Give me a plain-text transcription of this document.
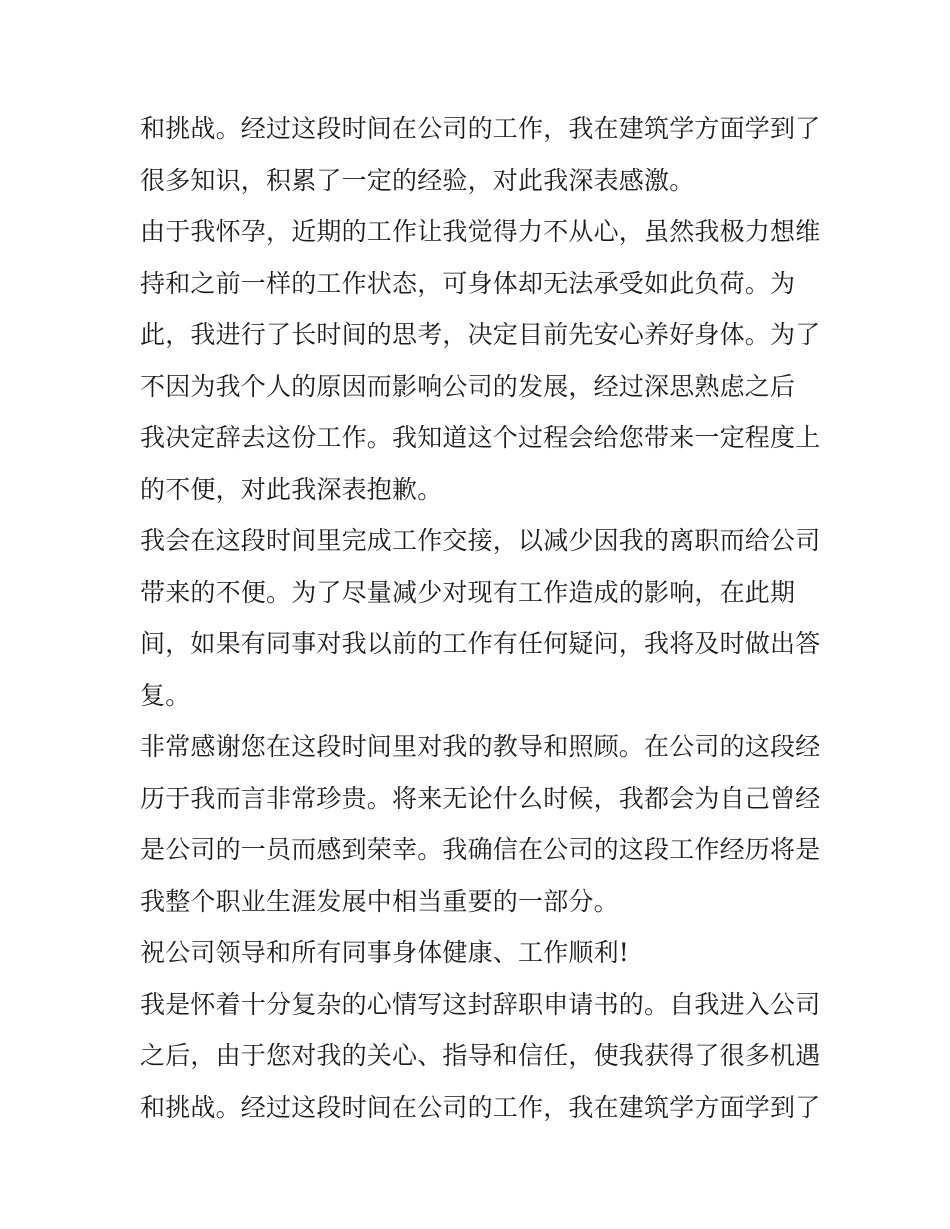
和挑战。经过这段时间在公司的工作，我在建筑学方面学到了
很多知识，积累了一定的经验，对此我深表感激。
由于我怀孕，近期的工作让我觉得力不从心，虽然我极力想维
持和之前一样的工作状态，可身体却无法承受如此负荷。为
此，我进行了长时间的思考，决定目前先安心养好身体。为了
不因为我个人的原因而影响公司的发展，经过深思熟虑之后
我决定辞去这份工作。我知道这个过程会给您带来一定程度上
的不便，对此我深表抱歉。
我会在这段时间里完成工作交接，以减少因我的离职而给公司
带来的不便。为了尽量减少对现有工作造成的影响，在此期
间，如果有同事对我以前的工作有任何疑问，我将及时做出答
复。
非常感谢您在这段时间里对我的教导和照顾。在公司的这段经
历于我而言非常珍贵。将来无论什么时候，我都会为自己曾经
是公司的一员而感到荣幸。我确信在公司的这段工作经历将是
我整个职业生涯发展中相当重要的一部分。
祝公司领导和所有同事身体健康、工作顺利!
我是怀着十分复杂的心情写这封辞职申请书的。自我进入公司
之后，由于您对我的关心、指导和信任，使我获得了很多机遇
和挑战。经过这段时间在公司的工作，我在建筑学方面学到了
